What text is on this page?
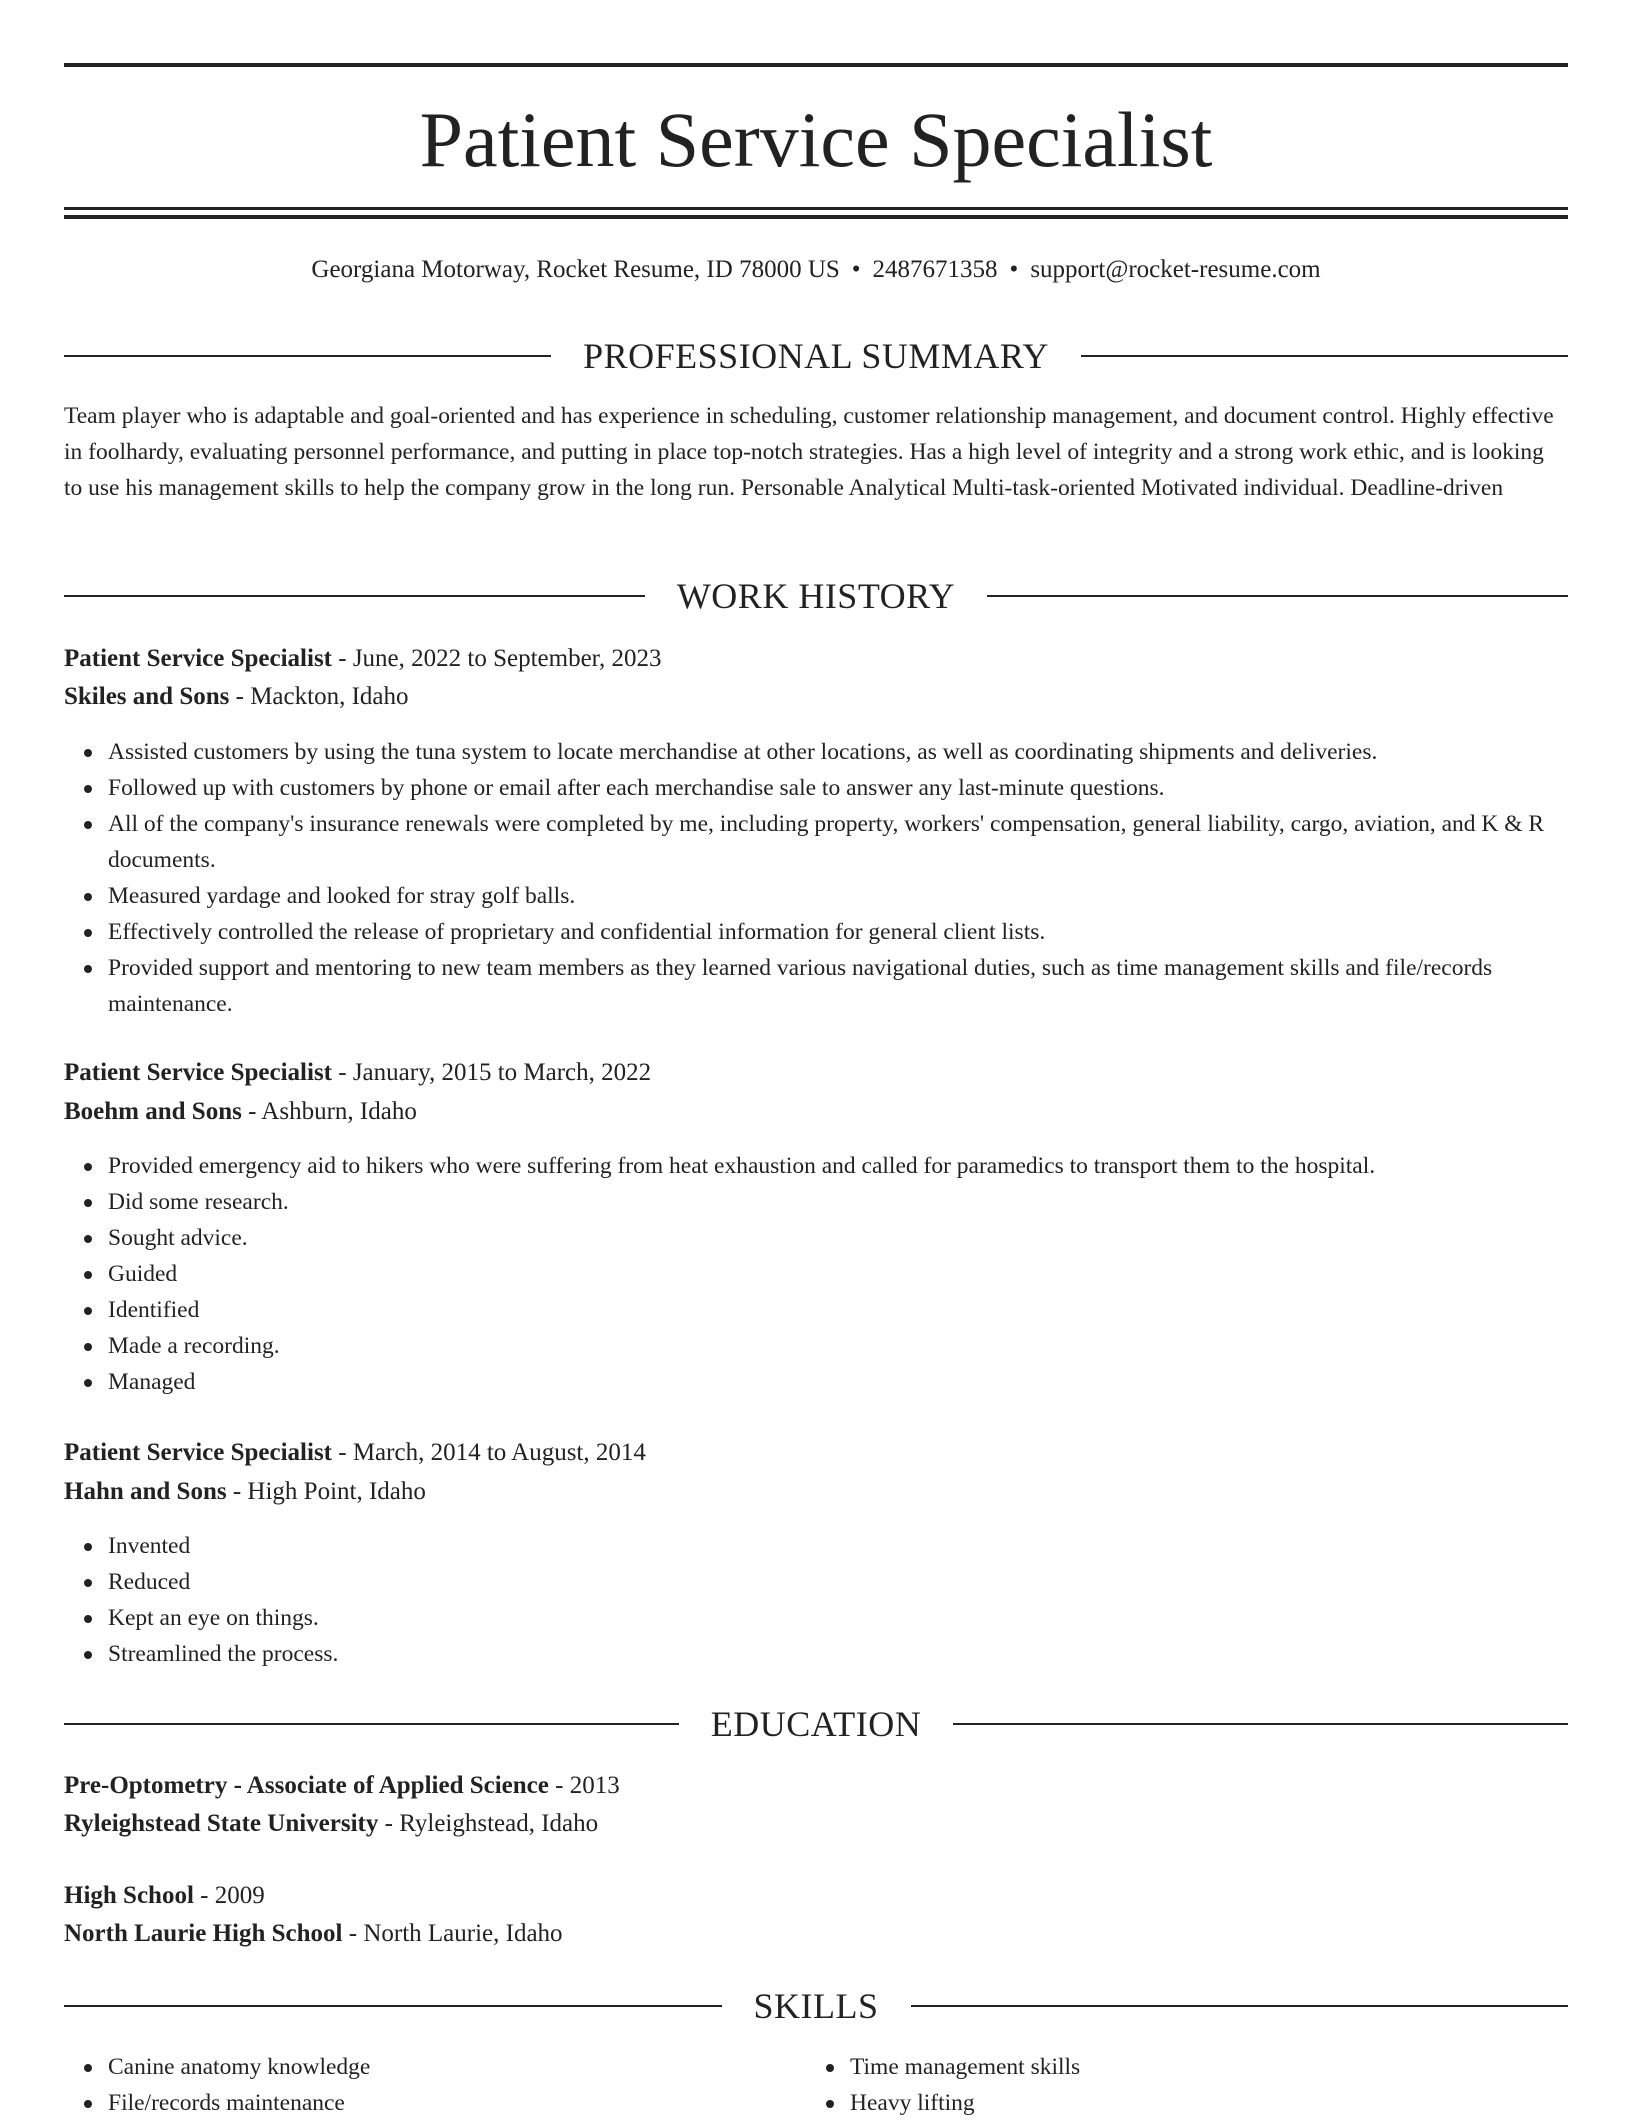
Patient Service Specialist
Georgiana Motorway, Rocket Resume, ID 78000 US • 2487671358 • support@rocket-resume.com
PROFESSIONAL SUMMARY

Team player who is adaptable and goal-oriented and has experience in scheduling, customer relationship management, and document control. Highly effective in foolhardy, evaluating personnel performance, and putting in place top-notch strategies. Has a high level of integrity and a strong work ethic, and is looking to use his management skills to help the company grow in the long run. Personable Analytical Multi-task-oriented Motivated individual. Deadline-driven

WORK HISTORY

Patient Service Specialist - June, 2022 to September, 2023

Skiles and Sons - Mackton, Idaho

Assisted customers by using the tuna system to locate merchandise at other locations, as well as coordinating shipments and deliveries.
Followed up with customers by phone or email after each merchandise sale to answer any last-minute questions.
All of the company's insurance renewals were completed by me, including property, workers' compensation, general liability, cargo, aviation, and K & R documents.
Measured yardage and looked for stray golf balls.
Effectively controlled the release of proprietary and confidential information for general client lists.
Provided support and mentoring to new team members as they learned various navigational duties, such as time management skills and file/records maintenance.

Patient Service Specialist - January, 2015 to March, 2022

Boehm and Sons - Ashburn, Idaho

Provided emergency aid to hikers who were suffering from heat exhaustion and called for paramedics to transport them to the hospital.
Did some research.
Sought advice.
Guided
Identified
Made a recording.
Managed

Patient Service Specialist - March, 2014 to August, 2014

Hahn and Sons - High Point, Idaho

Invented
Reduced
Kept an eye on things.
Streamlined the process.
EDUCATION

Pre-Optometry - Associate of Applied Science - 2013

Ryleighstead State University - Ryleighstead, Idaho

High School - 2009

North Laurie High School - North Laurie, Idaho

SKILLS
Canine anatomy knowledge
File/records maintenance
Time management skills
Heavy lifting
